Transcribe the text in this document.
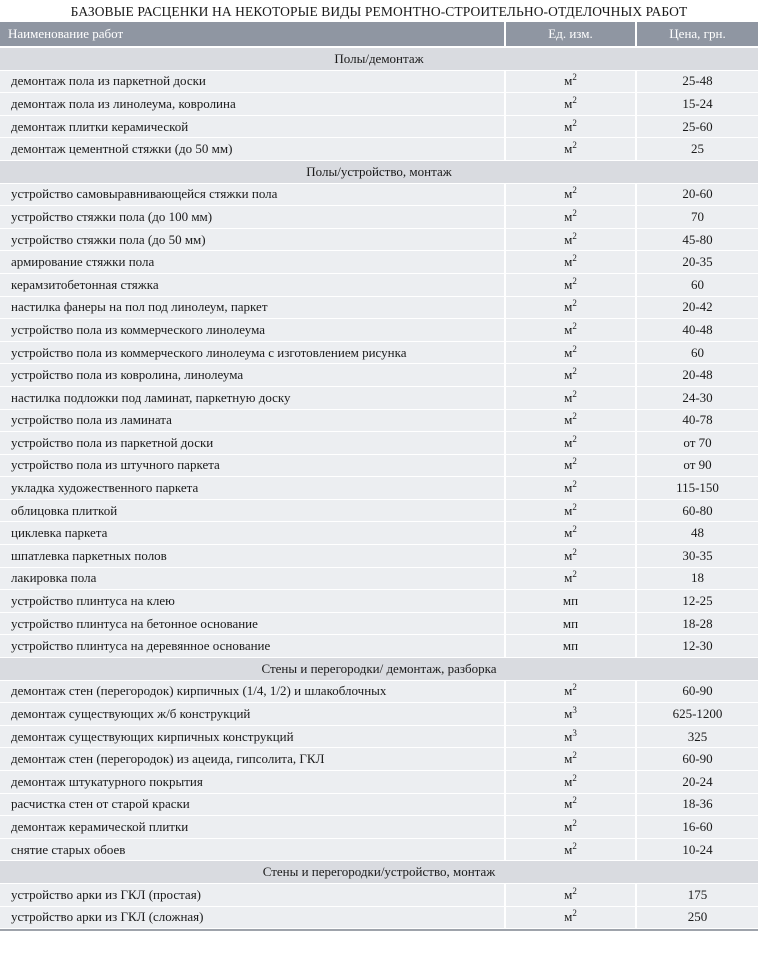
БАЗОВЫЕ РАСЦЕНКИ НА НЕКОТОРЫЕ ВИДЫ РЕМОНТНО-СТРОИТЕЛЬНО-ОТДЕЛОЧНЫХ РАБОТ
Наименование работ	Ед. изм.	Цена, грн.
Полы/демонтаж		
демонтаж пола из паркетной доски	$м^2$	25-48
демонтаж пола из линолеума, ковролина	$м^2$	15-24
демонтаж плитки керамической	$м^2$	25-60
демонтаж цементной стяжки (до 50 мм)	$м^2$	25
Полы/устройство, монтаж		
устройство самовыравнивающейся стяжки пола	$м^2$	20-60
устройство стяжки пола (до 100 мм)	$м^2$	70
устройство стяжки пола (до 50 мм)	$м^2$	45-80
армирование стяжки пола	$м^2$	20-35
керамзитобетонная стяжка	$м^2$	60
настилка фанеры на пол под линолеум, паркет	$м^2$	20-42
устройство пола из коммерческого линолеума	$м^2$	40-48
устройство пола из коммерческого линолеума с изготовлением рисунка	$м^2$	60
устройство пола из ковролина, линолеума	$м^2$	20-48
настилка подложки под ламинат, паркетную доску	$м^2$	24-30
устройство пола из ламината	$м^2$	40-78
устройство пола из паркетной доски	$м^2$	от 70
устройство пола из штучного паркета	$м^2$	от 90
укладка художественного паркета	$м^2$	115-150
облицовка плиткой	$м^2$	60-80
циклевка паркета	$м^2$	48
шпатлевка паркетных полов	$м^2$	30-35
лакировка пола	$м^2$	18
устройство плинтуса на клею	мп	12-25
устройство плинтуса на бетонное основание	мп	18-28
устройство плинтуса на деревянное основание	мп	12-30
Стены и перегородки/ демонтаж, разборка		
демонтаж стен (перегородок) кирпичных (1/4, 1/2) и шлакоблочных	$м^2$	60-90
демонтаж существующих ж/б конструкций	$м^3$	625-1200
демонтаж существующих кирпичных конструкций	$м^3$	325
демонтаж стен (перегородок) из ацеида, гипсолита, ГКЛ	$м^2$	60-90
демонтаж штукатурного покрытия	$м^2$	20-24
расчистка стен от старой краски	$м^2$	18-36
демонтаж керамической плитки	$м^2$	16-60
снятие старых обоев	$м^2$	10-24
Стены и перегородки/устройство, монтаж		
устройство арки из ГКЛ (простая)	$м^2$	175
устройство арки из ГКЛ (сложная)	$м^2$	250
